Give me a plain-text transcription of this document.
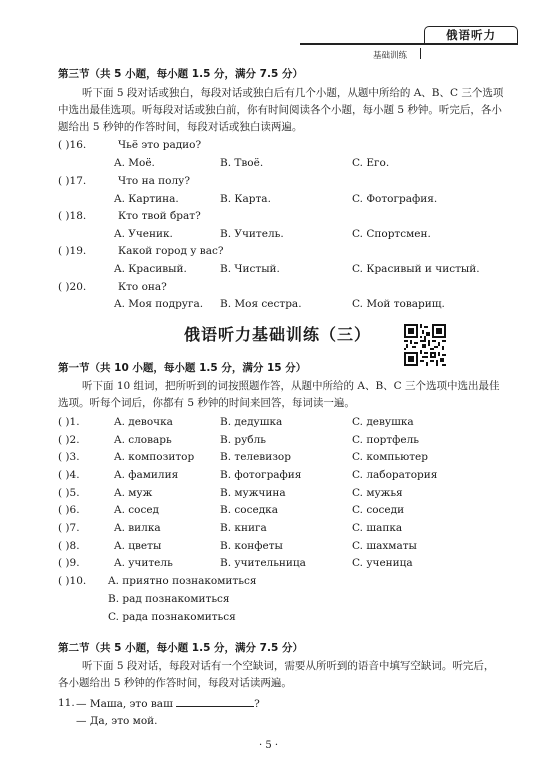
俄语听力
基础训练
第三节（共 5 小题，每小题 1.5 分，满分 7.5 分）
听下面 5 段对话或独白，每段对话或独白后有几个小题，从题中所给的 A、B、C 三个选项中选出最佳选项。听每段对话或独白前，你有时间阅读各个小题，每小题 5 秒钟。听完后，各小题给出 5 秒钟的作答时间，每段对话或独白读两遍。
( )16.	Чьё это радио?
A. Моё.	B. Твоё.	C. Его.
( )17.	Что на полу?
A. Картина.	B. Карта.	C. Фотография.
( )18.	Кто твой брат?
A. Ученик.	B. Учитель.	C. Спортсмен.
( )19.	Какой город у вас?
A. Красивый.	B. Чистый.	C. Красивый и чистый.
( )20.	Кто она?
A. Моя подруга. B. Моя сестра.	C. Мой товарищ.
俄语听力基础训练（三）
第一节（共 10 小题，每小题 1.5 分，满分 15 分）
听下面 10 组词，把所听到的词按照题作答，从题中所给的 A、B、C 三个选项中选出最佳选项。听每个词后，你都有 5 秒钟的时间来回答，每词读一遍。
( )1.	A. девочка	B. дедушка	C. девушка
( )2.	A. словарь	B. рубль	C. портфель
( )3.	A. композитор B. телевизор	C. компьютер
( )4.	A. фамилия	B. фотография	C. лаборатория
( )5.	A. муж	B. мужчина	C. мужья
( )6.	A. сосед	B. соседка	C. соседи
( )7.	A. вилка	B. книга	C. шапка
( )8.	A. цветы	B. конфеты	C. шахматы
( )9.	A. учитель	B. учительница	C. ученица
( )10. A. приятно познакомиться
B. рад познакомиться
C. рада познакомиться
第二节（共 5 小题，每小题 1.5 分，满分 7.5 分）
听下面 5 段对话，每段对话有一个空缺词，需要从所听到的语音中填写空缺词。听完后，各小题给出 5 秒钟的作答时间，每段对话读两遍。
11. — Маша, это ваш	?
— Да, это мой.
· 5 ·
